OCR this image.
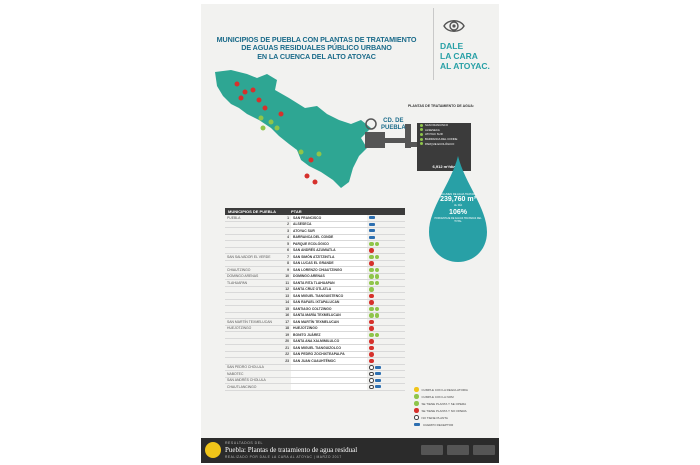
MUNICIPIOS DE PUEBLA CON PLANTAS DE TRATAMIENTO
DE AGUAS RESIDUALES PÚBLICO URBANO
EN LA CUENCA DEL ALTO ATOYAC
DALE
LA CARA
AL ATOYAC.
CD. DE
PUEBLA
PLANTAS DE TRATAMIENTO DE AGUA:
SAN FRANCISCO
ALSESECA
ATOYAC SUR
BARRANCA DEL CONDE
PARQUE ECOLÓGICO
6,912 m³/día
VOLUMEN DE AGUA TRATADA
239,760 m³
AL DÍA
106%
PORCENTAJE DE AGUAS TRATADAS DEL TOTAL
MUNICIPIOS DE PUEBLA	PTAR
PUEBLA	1	SAN FRANCISCO
2	ALSESECA
3	ATOYAC SUR
4	BARRANCA DEL CONDE
5	PARQUE ECOLÓGICO
6	SAN ANDRÉS AZUMIATLA
SAN SALVADOR EL VERDE	7	SAN SIMÓN ATZITZINTLA
8	SAN LUCAS EL GRANDE
CHIAUTZINGO	9	SAN LORENZO CHIAUTZINGO
DOMINGO ARENAS	10	DOMINGO ARENAS
TLAHUAPAN	11	SANTA RITA TLAHUAPAN
12	SANTA CRUZ OTLATLA
13	SAN MIGUEL TIANGUISTENCO
14	SAN RAFAEL IXTAPALUCAN
15	SANTIAGO COLTZINGO
16	SANTA MARÍA TEXMELUCAN
SAN MARTÍN TEXMELUCAN	17	SAN MARTÍN TEXMELUCAN
HUEJOTZINGO	18	HUEJOTZINGO
19	BONITO JUÁREZ
20	SANTA ANA XALMIMILULCO
21	SAN MIGUEL TIANGUIZOLCO
22	SAN PEDRO ZOCHIXTEAPALPA
23	SAN JUAN CUAUHTÉMOC
SAN PEDRO CHOLULA
NABOTEC
SAN ANDRÉS CHOLULA
CHAUTLANCINGO
CUMPLE CON LA REGULATORIA
CUMPLE CON LA NOM
SE TIENE PLANTA Y SE OPERA
SE TIENE PLANTA Y NO OPERA
NO TIENE PLANTA
CUERPO RECEPTOR
RESULTADOS DEL
Puebla: Plantas de tratamiento de agua residual
REALIZADO POR DALE LA CARA AL ATOYAC | MARZO 2017
